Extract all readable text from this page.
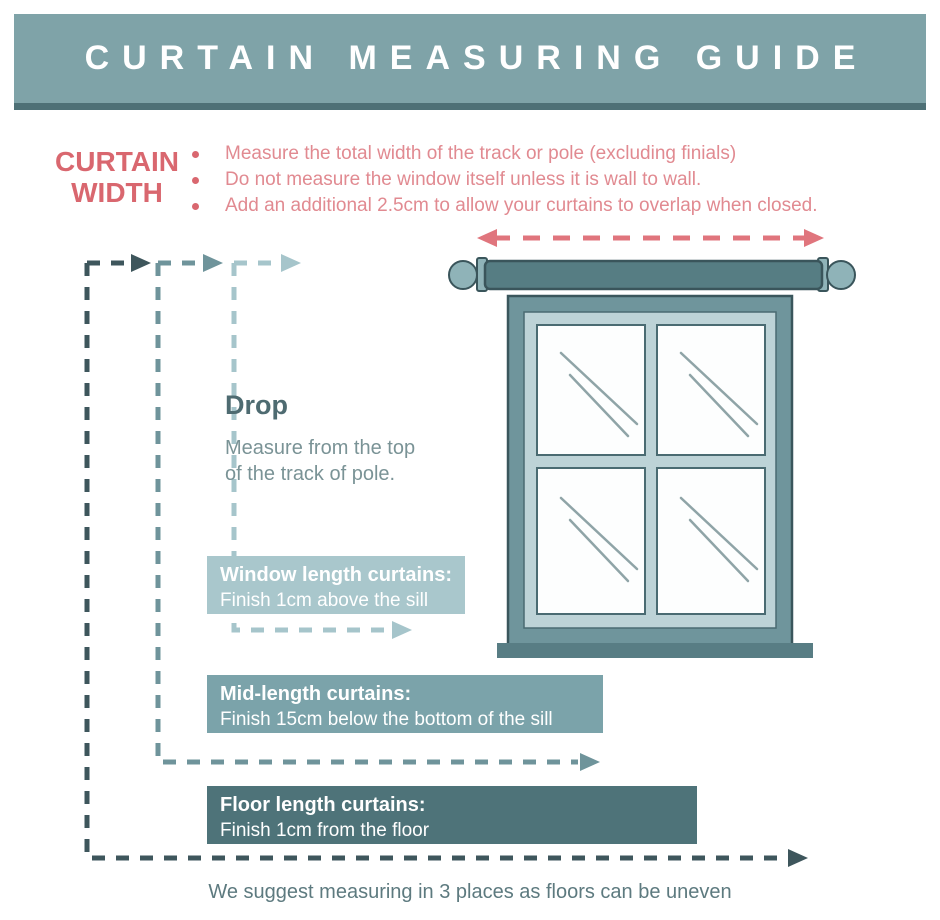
CURTAIN MEASURING GUIDE
CURTAIN
WIDTH
Measure the total width of the track or pole (excluding finials)
Do not measure the window itself unless it is wall to wall.
Add an additional 2.5cm to allow your curtains to overlap when closed.
Drop
Measure from the top
of the track of pole.
Window length curtains:
Finish 1cm above the sill
Mid-length curtains:
Finish 15cm below the bottom of the sill
Floor length curtains:
Finish 1cm from the floor
We suggest measuring in 3 places as floors can be uneven
